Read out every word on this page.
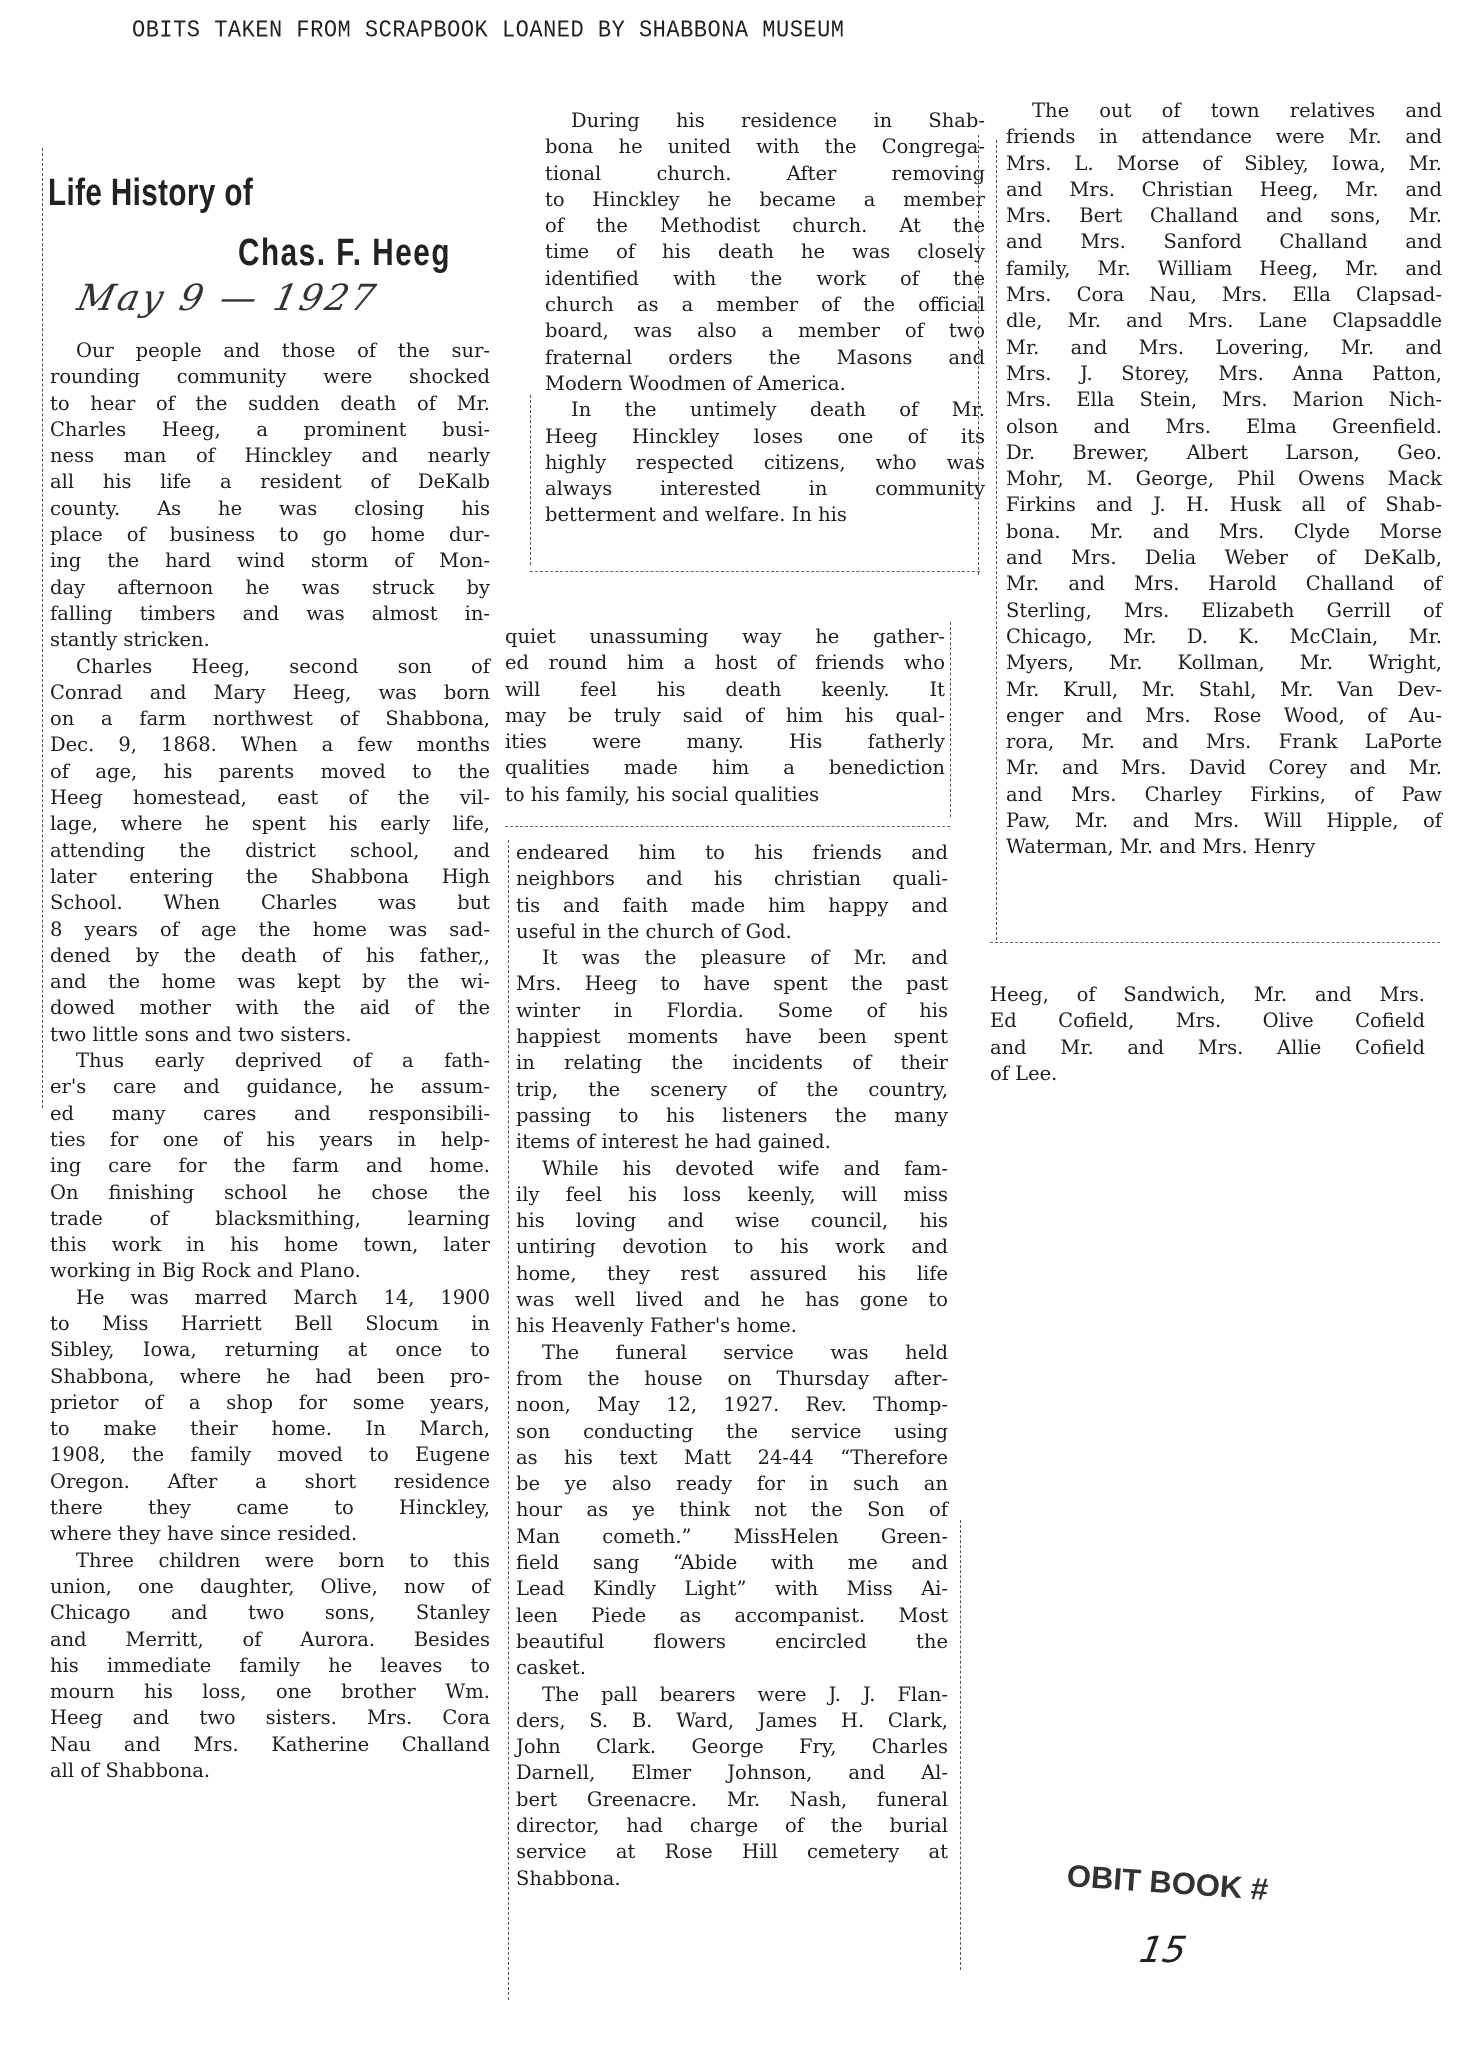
OBITS TAKEN FROM SCRAPBOOK LOANED BY SHABBONA MUSEUM
Life History of
Chas. F. Heeg
May 9 — 1927

Our people and those of the sur-
rounding community were shocked
to hear of the sudden death of Mr.
Charles Heeg, a prominent busi-
ness man of Hinckley and nearly
all his life a resident of DeKalb
county. As he was closing his
place of business to go home dur-
ing the hard wind storm of Mon-
day afternoon he was struck by
falling timbers and was almost in-
stantly stricken.

Charles Heeg, second son of
Conrad and Mary Heeg, was born
on a farm northwest of Shabbona,
Dec. 9, 1868. When a few months
of age, his parents moved to the
Heeg homestead, east of the vil-
lage, where he spent his early life,
attending the district school, and
later entering the Shabbona High
School. When Charles was but
8 years of age the home was sad-
dened by the death of his father,,
and the home was kept by the wi-
dowed mother with the aid of the
two little sons and two sisters.

Thus early deprived of a fath-
er's care and guidance, he assum-
ed many cares and responsibili-
ties for one of his years in help-
ing care for the farm and home.
On finishing school he chose the
trade of blacksmithing, learning
this work in his home town, later
working in Big Rock and Plano.

He was marred March 14, 1900
to Miss Harriett Bell Slocum in
Sibley, Iowa, returning at once to
Shabbona, where he had been pro-
prietor of a shop for some years,
to make their home. In March,
1908, the family moved to Eugene
Oregon. After a short residence
there they came to Hinckley,
where they have since resided.

Three children were born to this
union, one daughter, Olive, now of
Chicago and two sons, Stanley
and Merritt, of Aurora. Besides
his immediate family he leaves to
mourn his loss, one brother Wm.
Heeg and two sisters. Mrs. Cora
Nau and Mrs. Katherine Challand
all of Shabbona.

During his residence in Shab-
bona he united with the Congrega-
tional church. After removing
to Hinckley he became a member
of the Methodist church. At the
time of his death he was closely
identified with the work of the
church as a member of the official
board, was also a member of two
fraternal orders the Masons and
Modern Woodmen of America.

In the untimely death of Mr.
Heeg Hinckley loses one of its
highly respected citizens, who was
always interested in community
betterment and welfare. In his

quiet unassuming way he gather-
ed round him a host of friends who
will feel his death keenly. It
may be truly said of him his qual-
ities were many. His fatherly
qualities made him a benediction
to his family, his social qualities

endeared him to his friends and
neighbors and his christian quali-
tis and faith made him happy and
useful in the church of God.

It was the pleasure of Mr. and
Mrs. Heeg to have spent the past
winter in Flordia. Some of his
happiest moments have been spent
in relating the incidents of their
trip, the scenery of the country,
passing to his listeners the many
items of interest he had gained.

While his devoted wife and fam-
ily feel his loss keenly, will miss
his loving and wise council, his
untiring devotion to his work and
home, they rest assured his life
was well lived and he has gone to
his Heavenly Father's home.

The funeral service was held
from the house on Thursday after-
noon, May 12, 1927. Rev. Thomp-
son conducting the service using
as his text Matt 24-44 “Therefore
be ye also ready for in such an
hour as ye think not the Son of
Man cometh.” MissHelen Green-
field sang “Abide with me and
Lead Kindly Light” with Miss Ai-
leen Piede as accompanist. Most
beautiful flowers encircled the
casket.

The pall bearers were J. J. Flan-
ders, S. B. Ward, James H. Clark,
John Clark. George Fry, Charles
Darnell, Elmer Johnson, and Al-
bert Greenacre. Mr. Nash, funeral
director, had charge of the burial
service at Rose Hill cemetery at
Shabbona.

The out of town relatives and
friends in attendance were Mr. and
Mrs. L. Morse of Sibley, Iowa, Mr.
and Mrs. Christian Heeg, Mr. and
Mrs. Bert Challand and sons, Mr.
and Mrs. Sanford Challand and
family, Mr. William Heeg, Mr. and
Mrs. Cora Nau, Mrs. Ella Clapsad-
dle, Mr. and Mrs. Lane Clapsaddle
Mr. and Mrs. Lovering, Mr. and
Mrs. J. Storey, Mrs. Anna Patton,
Mrs. Ella Stein, Mrs. Marion Nich-
olson and Mrs. Elma Greenfield.
Dr. Brewer, Albert Larson, Geo.
Mohr, M. George, Phil Owens Mack
Firkins and J. H. Husk all of Shab-
bona. Mr. and Mrs. Clyde Morse
and Mrs. Delia Weber of DeKalb,
Mr. and Mrs. Harold Challand of
Sterling, Mrs. Elizabeth Gerrill of
Chicago, Mr. D. K. McClain, Mr.
Myers, Mr. Kollman, Mr. Wright,
Mr. Krull, Mr. Stahl, Mr. Van Dev-
enger and Mrs. Rose Wood, of Au-
rora, Mr. and Mrs. Frank LaPorte
Mr. and Mrs. David Corey and Mr.
and Mrs. Charley Firkins, of Paw
Paw, Mr. and Mrs. Will Hipple, of
Waterman, Mr. and Mrs. Henry

Heeg, of Sandwich, Mr. and Mrs.
Ed Cofield, Mrs. Olive Cofield
and Mr. and Mrs. Allie Cofield
of Lee.

OBIT BOOK #
15
